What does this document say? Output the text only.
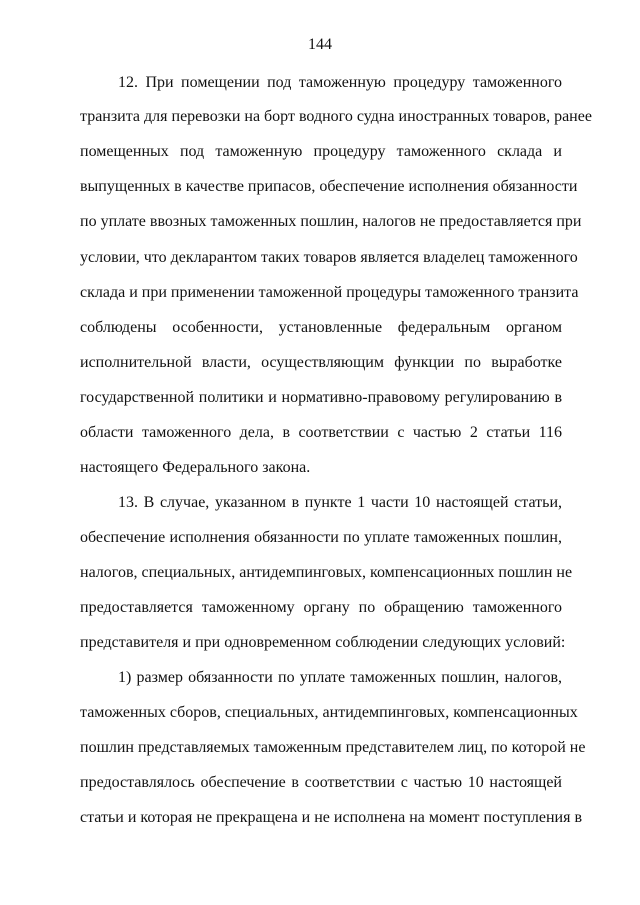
144
12. При помещении под таможенную процедуру таможенного
транзита для перевозки на борт водного судна иностранных товаров, ранее
помещенных под таможенную процедуру таможенного склада и
выпущенных в качестве припасов, обеспечение исполнения обязанности
по уплате ввозных таможенных пошлин, налогов не предоставляется при
условии, что декларантом таких товаров является владелец таможенного
склада и при применении таможенной процедуры таможенного транзита
соблюдены особенности, установленные федеральным органом
исполнительной власти, осуществляющим функции по выработке
государственной политики и нормативно-правовому регулированию в
области таможенного дела, в соответствии с частью 2 статьи 116
настоящего Федерального закона.
13. В случае, указанном в пункте 1 части 10 настоящей статьи,
обеспечение исполнения обязанности по уплате таможенных пошлин,
налогов, специальных, антидемпинговых, компенсационных пошлин не
предоставляется таможенному органу по обращению таможенного
представителя и при одновременном соблюдении следующих условий:
1) размер обязанности по уплате таможенных пошлин, налогов,
таможенных сборов, специальных, антидемпинговых, компенсационных
пошлин представляемых таможенным представителем лиц, по которой не
предоставлялось обеспечение в соответствии с частью 10 настоящей
статьи и которая не прекращена и не исполнена на момент поступления в
